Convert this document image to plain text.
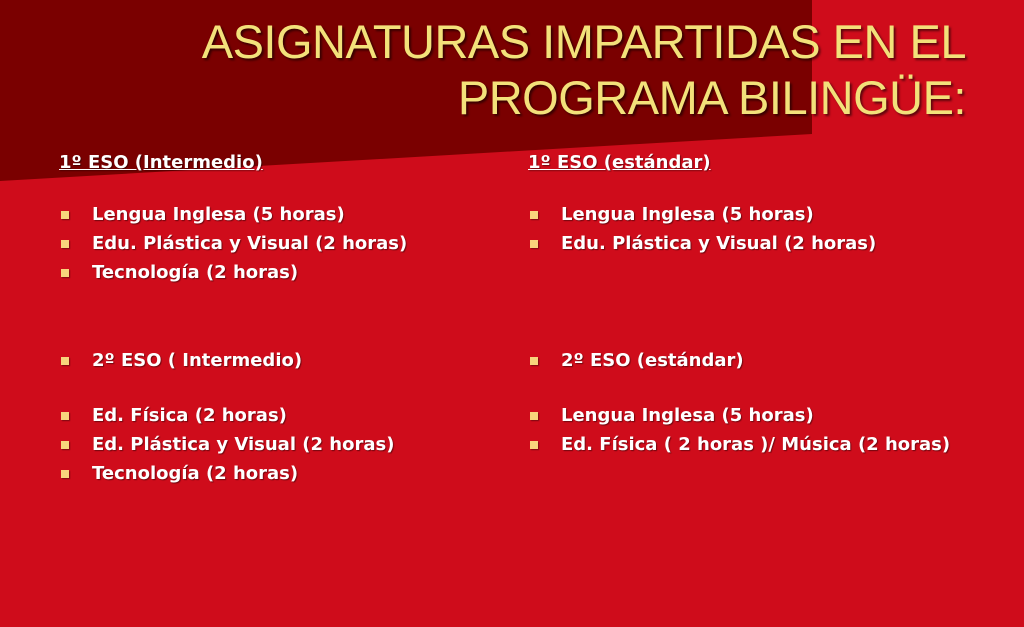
ASIGNATURAS IMPARTIDAS EN EL
PROGRAMA BILINGÜE:

1º ESO (Intermedio)

Lengua Inglesa (5 horas)
Edu. Plástica y Visual (2 horas)
Tecnología (2 horas)

1º ESO (estándar)

Lengua Inglesa (5 horas)
Edu. Plástica y Visual (2 horas)
2º ESO ( Intermedio)
Ed. Física (2 horas)
Ed. Plástica y Visual (2 horas)
Tecnología (2 horas)
2º ESO (estándar)
Lengua Inglesa (5 horas)
Ed. Física ( 2 horas )/ Música (2 horas)
